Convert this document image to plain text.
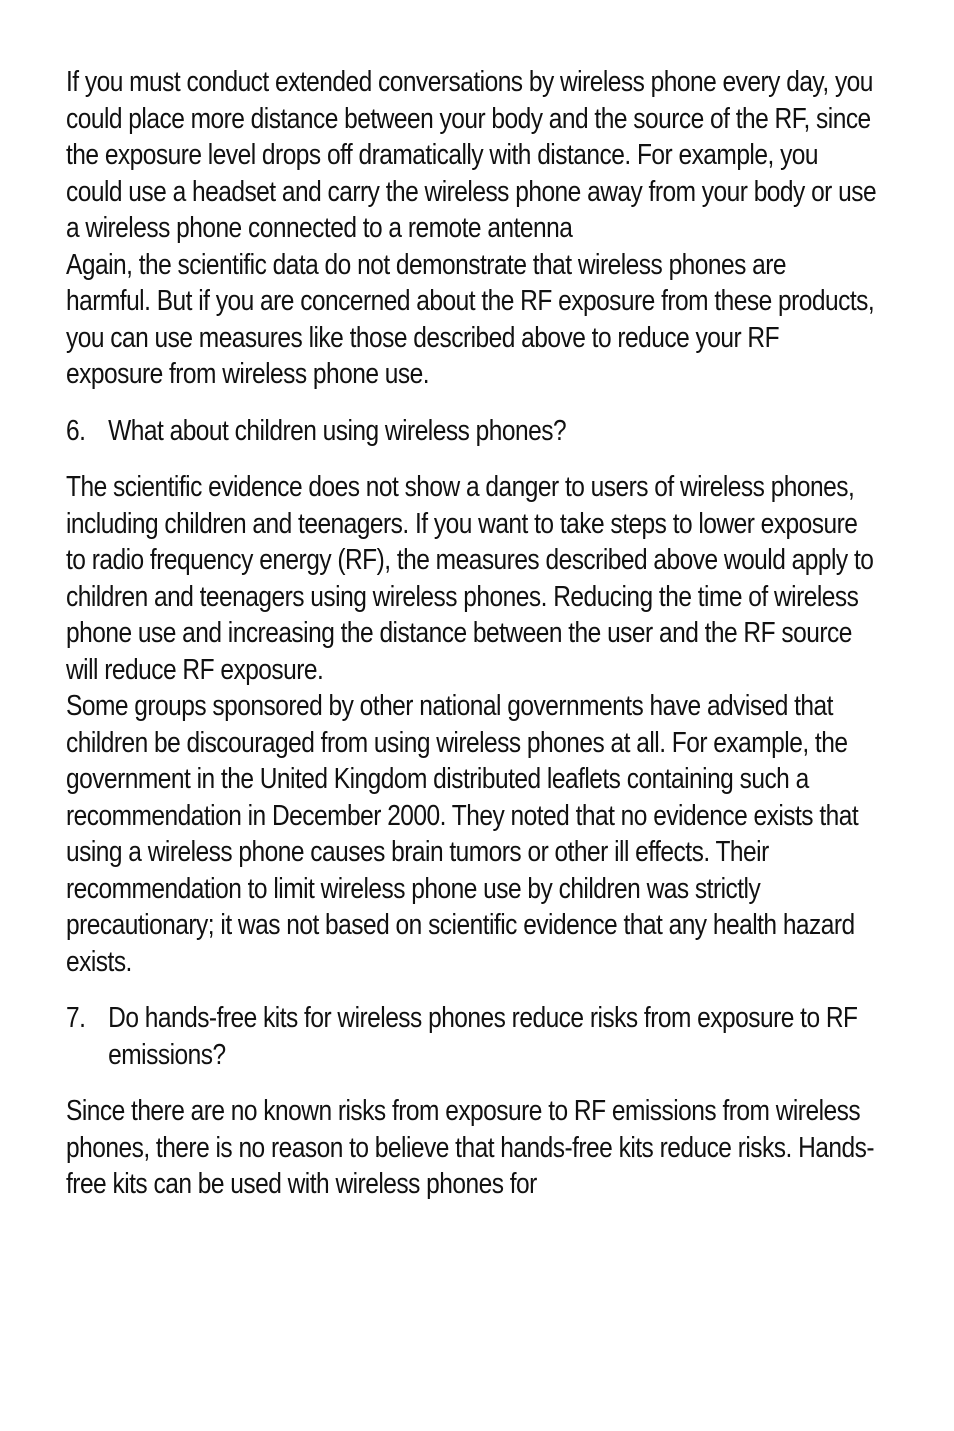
If you must conduct extended conversations by wireless phone every day, you could place more distance between your body and the source of the RF, since the exposure level drops off dramatically with distance. For example, you could use a headset and carry the wireless phone away from your body or use a wireless phone connected to a remote antenna

Again, the scientific data do not demonstrate that wireless phones are harmful. But if you are concerned about the RF exposure from these products, you can use measures like those described above to reduce your RF exposure from wireless phone use.

6. What about children using wireless phones?

The scientific evidence does not show a danger to users of wireless phones, including children and teenagers. If you want to take steps to lower exposure to radio frequency energy (RF), the measures described above would apply to children and teenagers using wireless phones. Reducing the time of wireless phone use and increasing the distance between the user and the RF source will reduce RF exposure.

Some groups sponsored by other national governments have advised that children be discouraged from using wireless phones at all. For example, the government in the United Kingdom distributed leaflets containing such a recommendation in December 2000. They noted that no evidence exists that using a wireless phone causes brain tumors or other ill effects. Their recommendation to limit wireless phone use by children was strictly precautionary; it was not based on scientific evidence that any health hazard exists.

7. Do hands-free kits for wireless phones reduce risks from exposure to RF emissions?

Since there are no known risks from exposure to RF emissions from wireless phones, there is no reason to believe that hands-free kits reduce risks. Hands-free kits can be used with wireless phones for
